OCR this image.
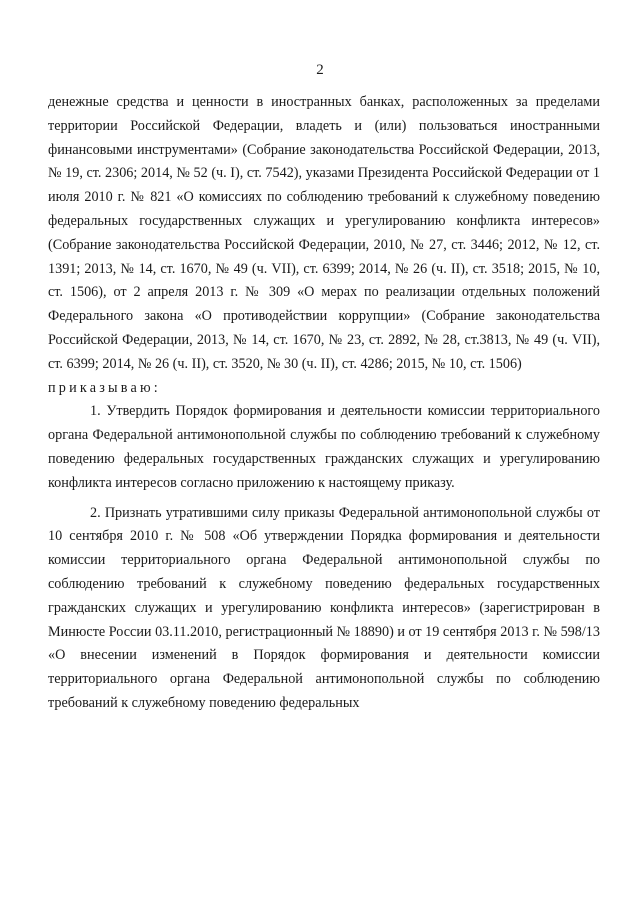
2

денежные средства и ценности в иностранных банках, расположенных за пределами территории Российской Федерации, владеть и (или) пользоваться иностранными финансовыми инструментами» (Собрание законодательства Российской Федерации, 2013, № 19, ст. 2306; 2014, № 52 (ч. I), ст. 7542), указами Президента Российской Федерации от 1 июля 2010 г. № 821 «О комиссиях по соблюдению требований к служебному поведению федеральных государственных служащих и урегулированию конфликта интересов» (Собрание законодательства Российской Федерации, 2010, № 27, ст. 3446; 2012, № 12, ст. 1391; 2013, № 14, ст. 1670, № 49 (ч. VII), ст. 6399; 2014, № 26 (ч. II), ст. 3518; 2015, № 10, ст. 1506), от 2 апреля 2013 г. № 309 «О мерах по реализации отдельных положений Федерального закона «О противодействии коррупции» (Собрание законодательства Российской Федерации, 2013, № 14, ст. 1670, № 23, ст. 2892, № 28, ст.3813, № 49 (ч. VII), ст. 6399; 2014, № 26 (ч. II), ст. 3520, № 30 (ч. II), ст. 4286; 2015, № 10, ст. 1506)

приказываю:

1. Утвердить Порядок формирования и деятельности комиссии территориального органа Федеральной антимонопольной службы по соблюдению требований к служебному поведению федеральных государственных гражданских служащих и урегулированию конфликта интересов согласно приложению к настоящему приказу.

2. Признать утратившими силу приказы Федеральной антимонопольной службы от 10 сентября 2010 г. № 508 «Об утверждении Порядка формирования и деятельности комиссии территориального органа Федеральной антимонопольной службы по соблюдению требований к служебному поведению федеральных государственных гражданских служащих и урегулированию конфликта интересов» (зарегистрирован в Минюсте России 03.11.2010, регистрационный № 18890) и от 19 сентября 2013 г. № 598/13 «О внесении изменений в Порядок формирования и деятельности комиссии территориального органа Федеральной антимонопольной службы по соблюдению требований к служебному поведению федеральных
